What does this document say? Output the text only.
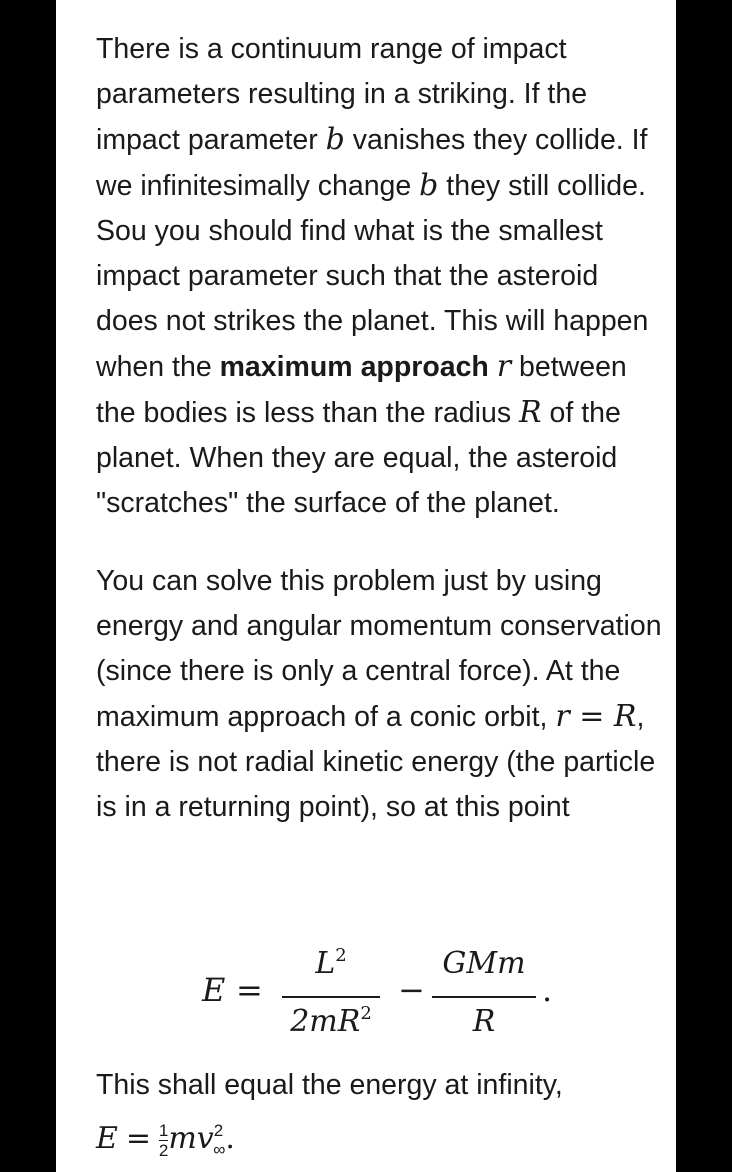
There is a continuum range of impact parameters resulting in a striking. If the impact parameter b vanishes they collide. If we infinitesimally change b they still collide. Sou you should find what is the smallest impact parameter such that the asteroid does not strikes the planet. This will happen when the maximum approach r between the bodies is less than the radius R of the planet. When they are equal, the asteroid "scratches" the surface of the planet.

You can solve this problem just by using energy and angular momentum conservation (since there is only a central force). At the maximum approach of a conic orbit, r = R, there is not radial kinetic energy (the particle is in a returning point), so at this point

E =
$L^2$
$2mR^2$
−
GMm
R
.
This shall equal the energy at infinity,
$E = \frac{1}{2} mv^2_\infty$.
